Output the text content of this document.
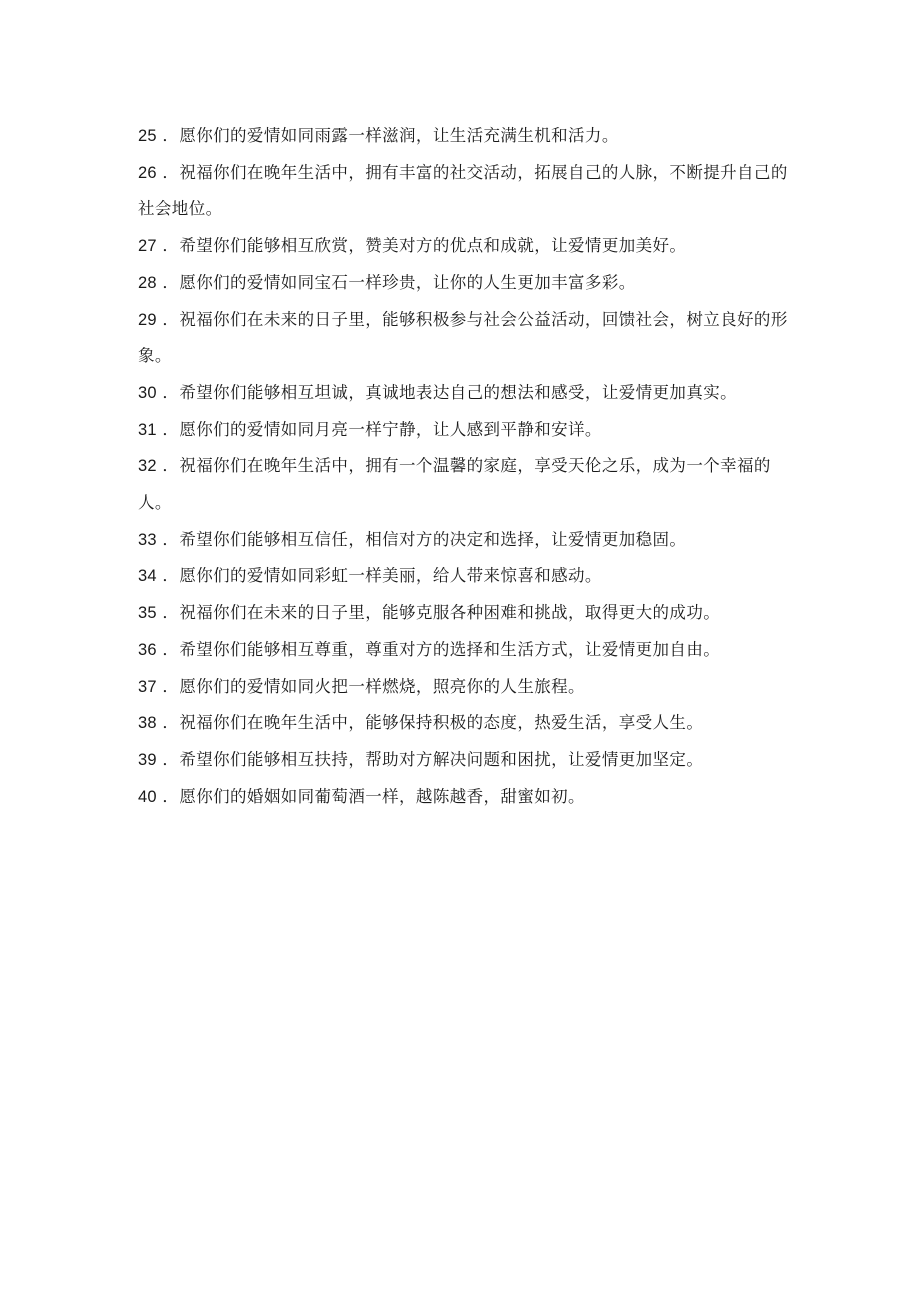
25 ．愿你们的爱情如同雨露一样滋润，让生活充满生机和活力。

26 ．祝福你们在晚年生活中，拥有丰富的社交活动，拓展自己的人脉，不断提升自己的社会地位。

27 ．希望你们能够相互欣赏，赞美对方的优点和成就，让爱情更加美好。

28 ．愿你们的爱情如同宝石一样珍贵，让你的人生更加丰富多彩。

29 ．祝福你们在未来的日子里，能够积极参与社会公益活动，回馈社会，树立良好的形象。

30 ．希望你们能够相互坦诚，真诚地表达自己的想法和感受，让爱情更加真实。

31 ．愿你们的爱情如同月亮一样宁静，让人感到平静和安详。

32 ．祝福你们在晚年生活中，拥有一个温馨的家庭，享受天伦之乐，成为一个幸福的人。

33 ．希望你们能够相互信任，相信对方的决定和选择，让爱情更加稳固。

34 ．愿你们的爱情如同彩虹一样美丽，给人带来惊喜和感动。

35 ．祝福你们在未来的日子里，能够克服各种困难和挑战，取得更大的成功。

36 ．希望你们能够相互尊重，尊重对方的选择和生活方式，让爱情更加自由。

37 ．愿你们的爱情如同火把一样燃烧，照亮你的人生旅程。

38 ．祝福你们在晚年生活中，能够保持积极的态度，热爱生活，享受人生。

39 ．希望你们能够相互扶持，帮助对方解决问题和困扰，让爱情更加坚定。

40 ．愿你们的婚姻如同葡萄酒一样，越陈越香，甜蜜如初。
